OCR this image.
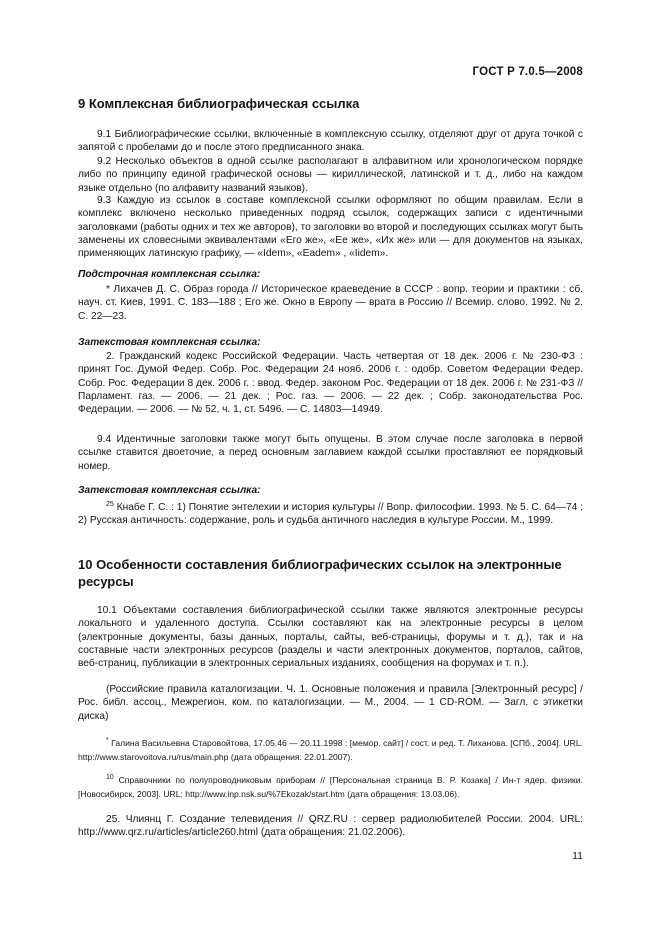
ГОСТ Р 7.0.5—2008
9 Комплексная библиографическая ссылка
9.1 Библиографические ссылки, включенные в комплексную ссылку, отделяют друг от друга точкой с запятой с пробелами до и после этого предписанного знака.
9.2 Несколько объектов в одной ссылке располагают в алфавитном или хронологическом порядке либо по принципу единой графической основы — кириллической, латинской и т. д., либо на каждом языке отдельно (по алфавиту названий языков).
9.3 Каждую из ссылок в составе комплексной ссылки оформляют по общим правилам. Если в комплекс включено несколько приведенных подряд ссылок, содержащих записи с идентичными заголовками (работы одних и тех же авторов), то заголовки во второй и последующих ссылках могут быть заменены их словесными эквивалентами «Его же», «Ее же», «Их же» или — для документов на языках, применяющих латинскую графику, — «Idem», «Eadem» , «Iidem».
Подстрочная комплексная ссылка:
* Лихачев Д. С. Образ города // Историческое краеведение в СССР : вопр. теории и практики : сб. науч. ст. Киев, 1991. С. 183—188 ; Его же. Окно в Европу — врата в Россию // Всемир. слово. 1992. № 2. С. 22—23.
Затекстовая комплексная ссылка:
2. Гражданский кодекс Российской Федерации. Часть четвертая от 18 дек. 2006 г. № 230-ФЗ : принят Гос. Думой Федер. Собр. Рос. Федерации 24 нояб. 2006 г. : одобр. Советом Федерации Федер. Собр. Рос. Федерации 8 дек. 2006 г. : ввод. Федер. законом Рос. Федерации от 18 дек. 2006 г. № 231-ФЗ // Парламент. газ. — 2006. — 21 дек. ; Рос. газ. — 2006. — 22 дек. ; Собр. законодательства Рос. Федерации. — 2006. — № 52, ч. 1, ст. 5496. — С. 14803—14949.
9.4 Идентичные заголовки также могут быть опущены. В этом случае после заголовка в первой ссылке ставится двоеточие, а перед основным заглавием каждой ссылки проставляют ее порядковый номер.
Затекстовая комплексная ссылка:
$^{25}$ Кнабе Г. С. : 1) Понятие энтелехии и история культуры // Вопр. философии. 1993. № 5. С. 64—74 ; 2) Русская античность: содержание, роль и судьба античного наследия в культуре России. М., 1999.
10 Особенности составления библиографических ссылок на электронные ресурсы
10.1 Объектами составления библиографической ссылки также являются электронные ресурсы локального и удаленного доступа. Ссылки составляют как на электронные ресурсы в целом (электронные документы, базы данных, порталы, сайты, веб-страницы, форумы и т. д.), так и на составные части электронных ресурсов (разделы и части электронных документов, порталов, сайтов, веб-страниц, публикации в электронных сериальных изданиях, сообщения на форумах и т. п.).
(Российские правила каталогизации. Ч. 1. Основные положения и правила [Электронный ресурс] / Рос. библ. ассоц., Межрегион. ком. по каталогизации. — М., 2004. — 1 CD-ROM. — Загл. с этикетки диска)
* Галина Васильевна Старовойтова, 17.05.46 — 20.11.1998 : [мемор. сайт] / сост. и ред. Т. Лиханова. [СПб., 2004]. URL. http://www.starovoitova.ru/rus/main.php (дата обращения: 22.01.2007).
$^{10}$ Справочники по полупроводниковым приборам // [Персональная страница В. Р. Козака] / Ин-т ядер. физики. [Новосибирск, 2003]. URL: http://www.inp.nsk.su/%7Ekozak/start.htm (дата обращения: 13.03.06).
25. Члиянц Г. Создание телевидения // QRZ.RU : сервер радиолюбителей России. 2004. URL: http://www.qrz.ru/articles/article260.html (дата обращения: 21.02.2006).
11
